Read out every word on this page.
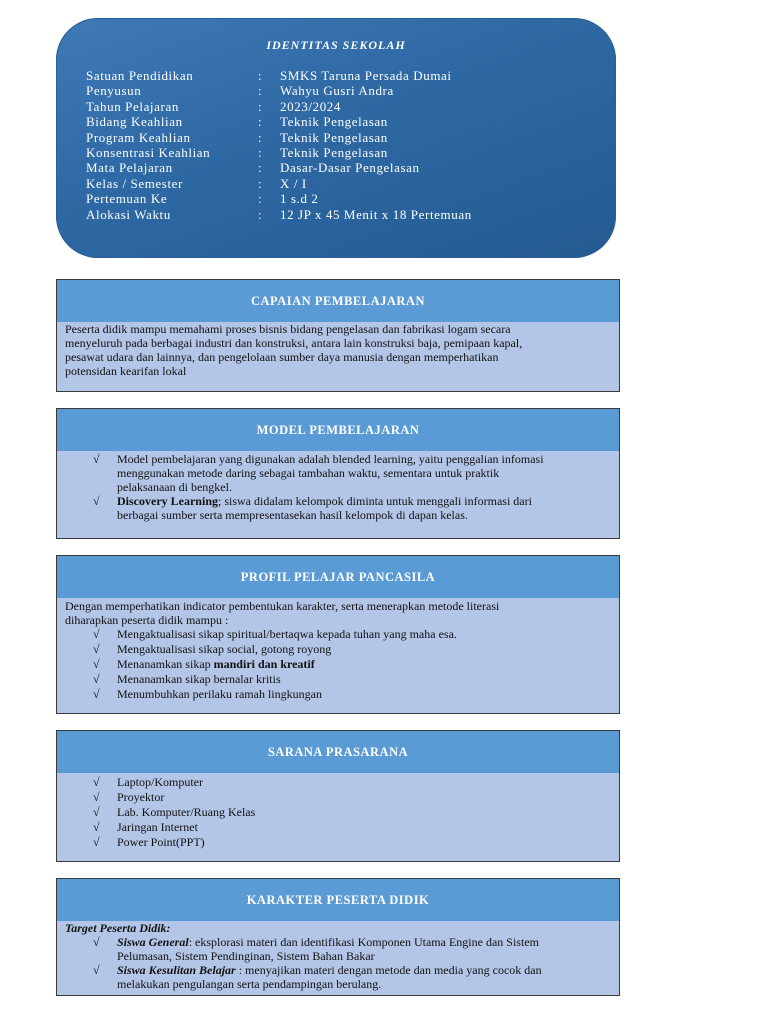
IDENTITAS SEKOLAH
Satuan Pendidikan	:	SMKS Taruna Persada Dumai
Penyusun	:	Wahyu Gusri Andra
Tahun Pelajaran	:	2023/2024
Bidang Keahlian	:	Teknik Pengelasan
Program Keahlian	:	Teknik Pengelasan
Konsentrasi Keahlian	:	Teknik Pengelasan
Mata Pelajaran	:	Dasar-Dasar Pengelasan
Kelas / Semester	:	X / I
Pertemuan Ke	:	1 s.d 2
Alokasi Waktu	:	12 JP x 45 Menit x 18 Pertemuan
CAPAIAN PEMBELAJARAN
Peserta didik mampu memahami proses bisnis bidang pengelasan dan fabrikasi logam secara
menyeluruh pada berbagai industri dan konstruksi, antara lain konstruksi baja, pemipaan kapal,
pesawat udara dan lainnya, dan pengelolaan sumber daya manusia dengan memperhatikan
potensidan kearifan lokal
MODEL PEMBELAJARAN
√ Model pembelajaran yang digunakan adalah blended learning, yaitu penggalian infomasi
menggunakan metode daring sebagai tambahan waktu, sementara untuk praktik
pelaksanaan di bengkel.
√ Discovery Learning; siswa didalam kelompok diminta untuk menggali informasi dari
berbagai sumber serta mempresentasekan hasil kelompok di dapan kelas.
PROFIL PELAJAR PANCASILA
Dengan memperhatikan indicator pembentukan karakter, serta menerapkan metode literasi
diharapkan peserta didik mampu :
√ Mengaktualisasi sikap spiritual/bertaqwa kepada tuhan yang maha esa.
√ Mengaktualisasi sikap social, gotong royong
√ Menanamkan sikap mandiri dan kreatif
√ Menanamkan sikap bernalar kritis
√ Menumbuhkan perilaku ramah lingkungan
SARANA PRASARANA
√ Laptop/Komputer
√ Proyektor
√ Lab. Komputer/Ruang Kelas
√ Jaringan Internet
√ Power Point(PPT)
KARAKTER PESERTA DIDIK
Target Peserta Didik:
√ Siswa General: eksplorasi materi dan identifikasi Komponen Utama Engine dan Sistem
Pelumasan, Sistem Pendinginan, Sistem Bahan Bakar
√ Siswa Kesulitan Belajar : menyajikan materi dengan metode dan media yang cocok dan
melakukan pengulangan serta pendampingan berulang.
